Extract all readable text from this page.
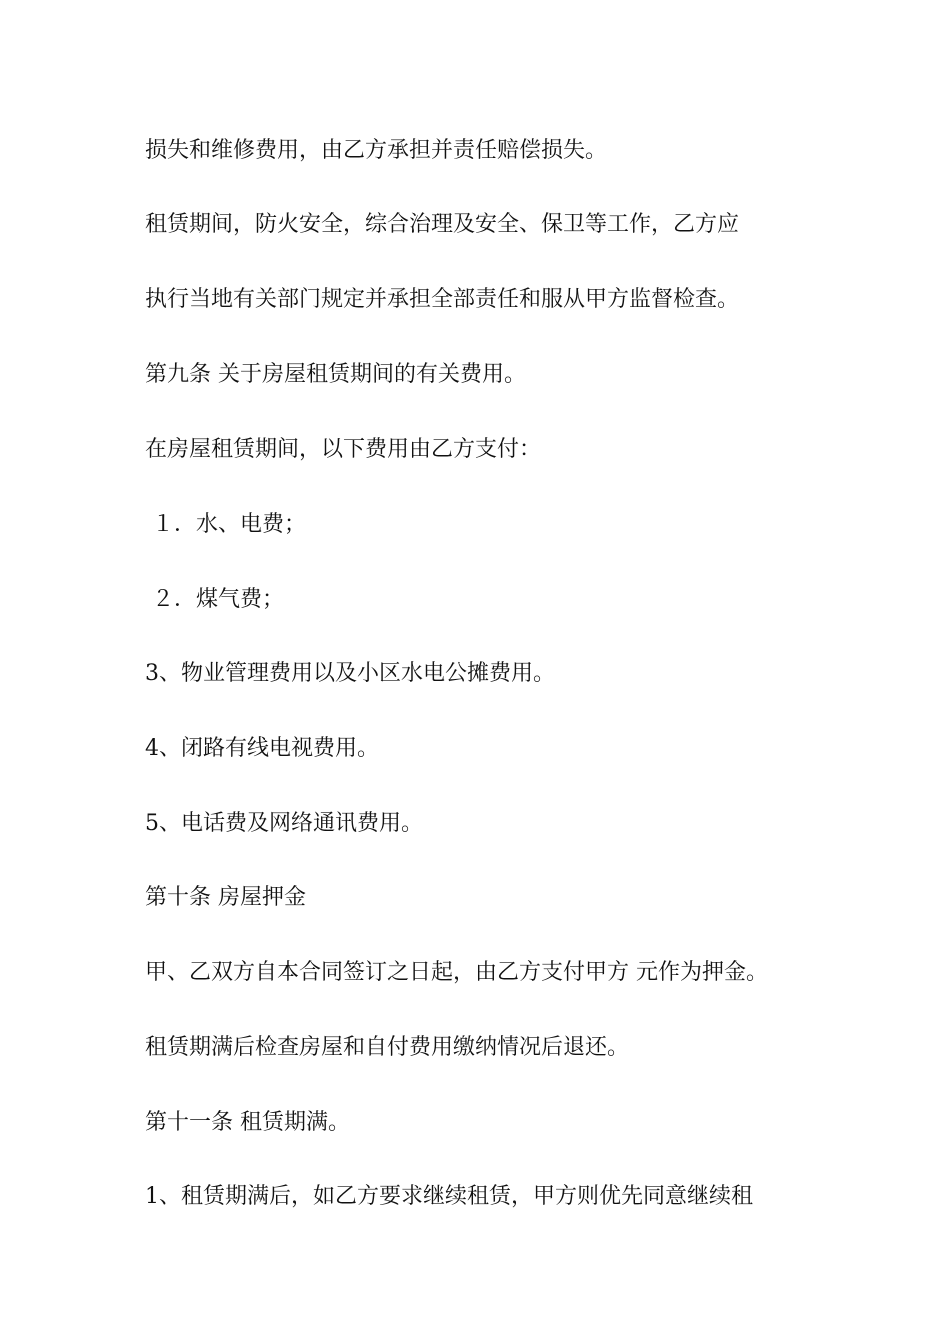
损失和维修费用，由乙方承担并责任赔偿损失。
租赁期间，防火安全，综合治理及安全、保卫等工作，乙方应
执行当地有关部门规定并承担全部责任和服从甲方监督检查。
第九条 关于房屋租赁期间的有关费用。
在房屋租赁期间，以下费用由乙方支付：
１．水、电费；
２．煤气费；
3、物业管理费用以及小区水电公摊费用。
4、闭路有线电视费用。
5、电话费及网络通讯费用。
第十条 房屋押金
甲、乙双方自本合同签订之日起，由乙方支付甲方 元作为押金。
租赁期满后检查房屋和自付费用缴纳情况后退还。
第十一条 租赁期满。
1、租赁期满后，如乙方要求继续租赁，甲方则优先同意继续租
